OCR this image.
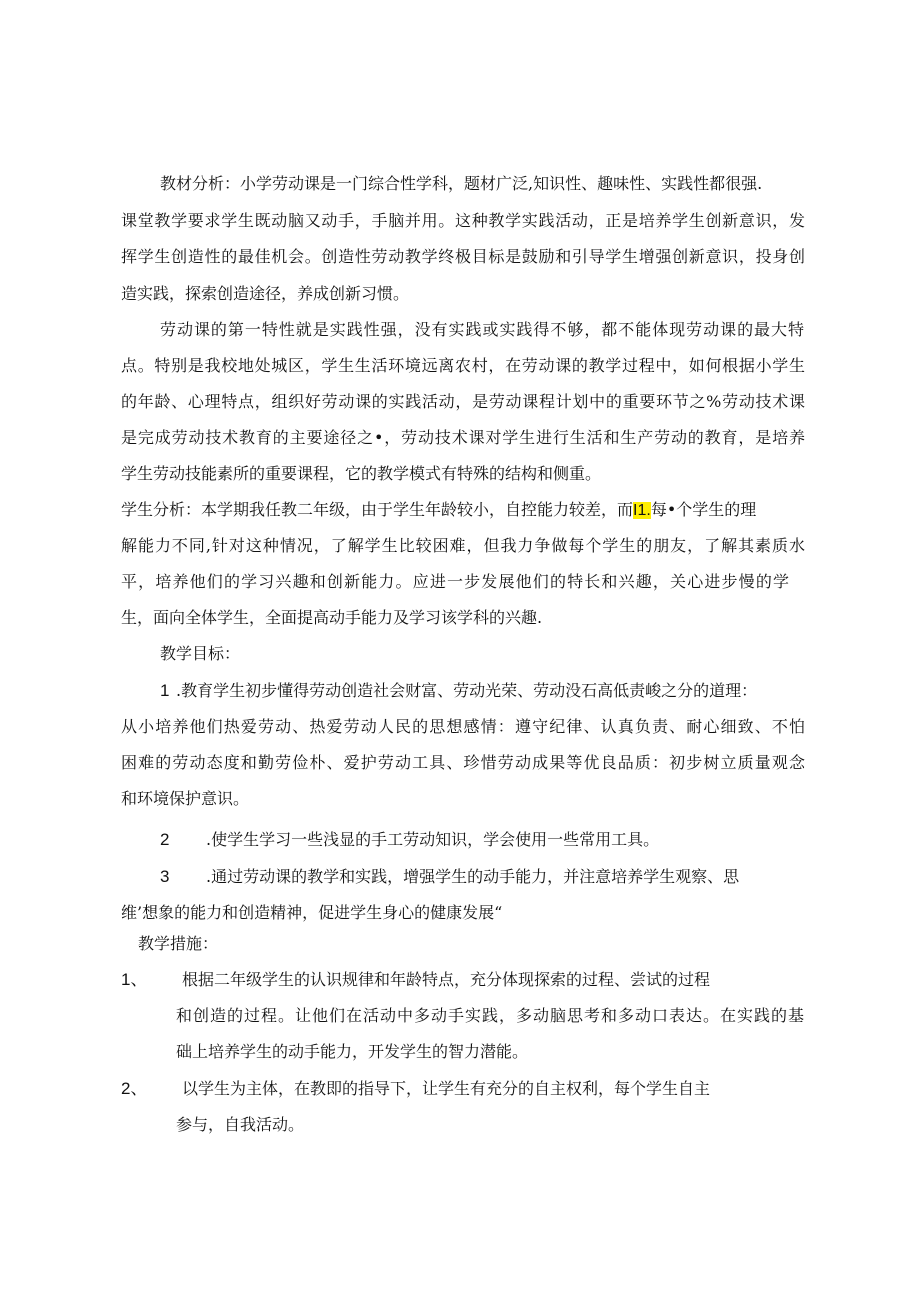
教材分析：小学劳动课是一门综合性学科，题材广泛,知识性、趣味性、实践性都很强.
课堂教学要求学生既动脑又动手，手脑并用。这种教学实践活动，正是培养学生创新意识，发
挥学生创造性的最佳机会。创造性劳动教学终极目标是鼓励和引导学生增强创新意识，投身创
造实践，探索创造途径，养成创新习惯。
劳动课的第一特性就是实践性强，没有实践或实践得不够，都不能体现劳动课的最大特
点。特别是我校地处城区，学生生活环境远离农村，在劳动课的教学过程中，如何根据小学生
的年龄、心理特点，组织好劳动课的实践活动，是劳动课程计划中的重要环节之%劳动技术课
是完成劳动技术教育的主要途径之•，劳动技术课对学生进行生活和生产劳动的教育，是培养
学生劳动技能素所的重要课程，它的教学模式有特殊的结构和侧重。
学生分析：本学期我任教二年级，由于学生年龄较小，自控能力较差，而I1.每•个学生的理
解能力不同,针对这种情况，了解学生比较困难，但我力争做每个学生的朋友，了解其素质水
平，培养他们的学习兴趣和创新能力。应进一步发展他们的特长和兴趣，关心进步慢的学
生，面向全体学生，全面提高动手能力及学习该学科的兴趣.
教学目标：
1 .教育学生初步懂得劳动创造社会财富、劳动光荣、劳动没石高低责峻之分的道理：
从小培养他们热爱劳动、热爱劳动人民的思想感情：遵守纪律、认真负责、耐心细致、不怕
困难的劳动态度和勤劳俭朴、爱护劳动工具、珍惜劳动成果等优良品质：初步树立质量观念
和环境保护意识。
2 .使学生学习一些浅显的手工劳动知识，学会使用一些常用工具。
3 .通过劳动课的教学和实践，增强学生的动手能力，并注意培养学生观察、思
维’想象的能力和创造精神，促进学生身心的健康发展“
教学措施：
1、 根据二年级学生的认识规律和年龄特点，充分体现探索的过程、尝试的过程
和创造的过程。让他们在活动中多动手实践，多动脑思考和多动口表达。在实践的基
础上培养学生的动手能力，开发学生的智力潜能。
2、 以学生为主体，在教即的指导下，让学生有充分的自主权利，每个学生自主
参与，自我活动。
